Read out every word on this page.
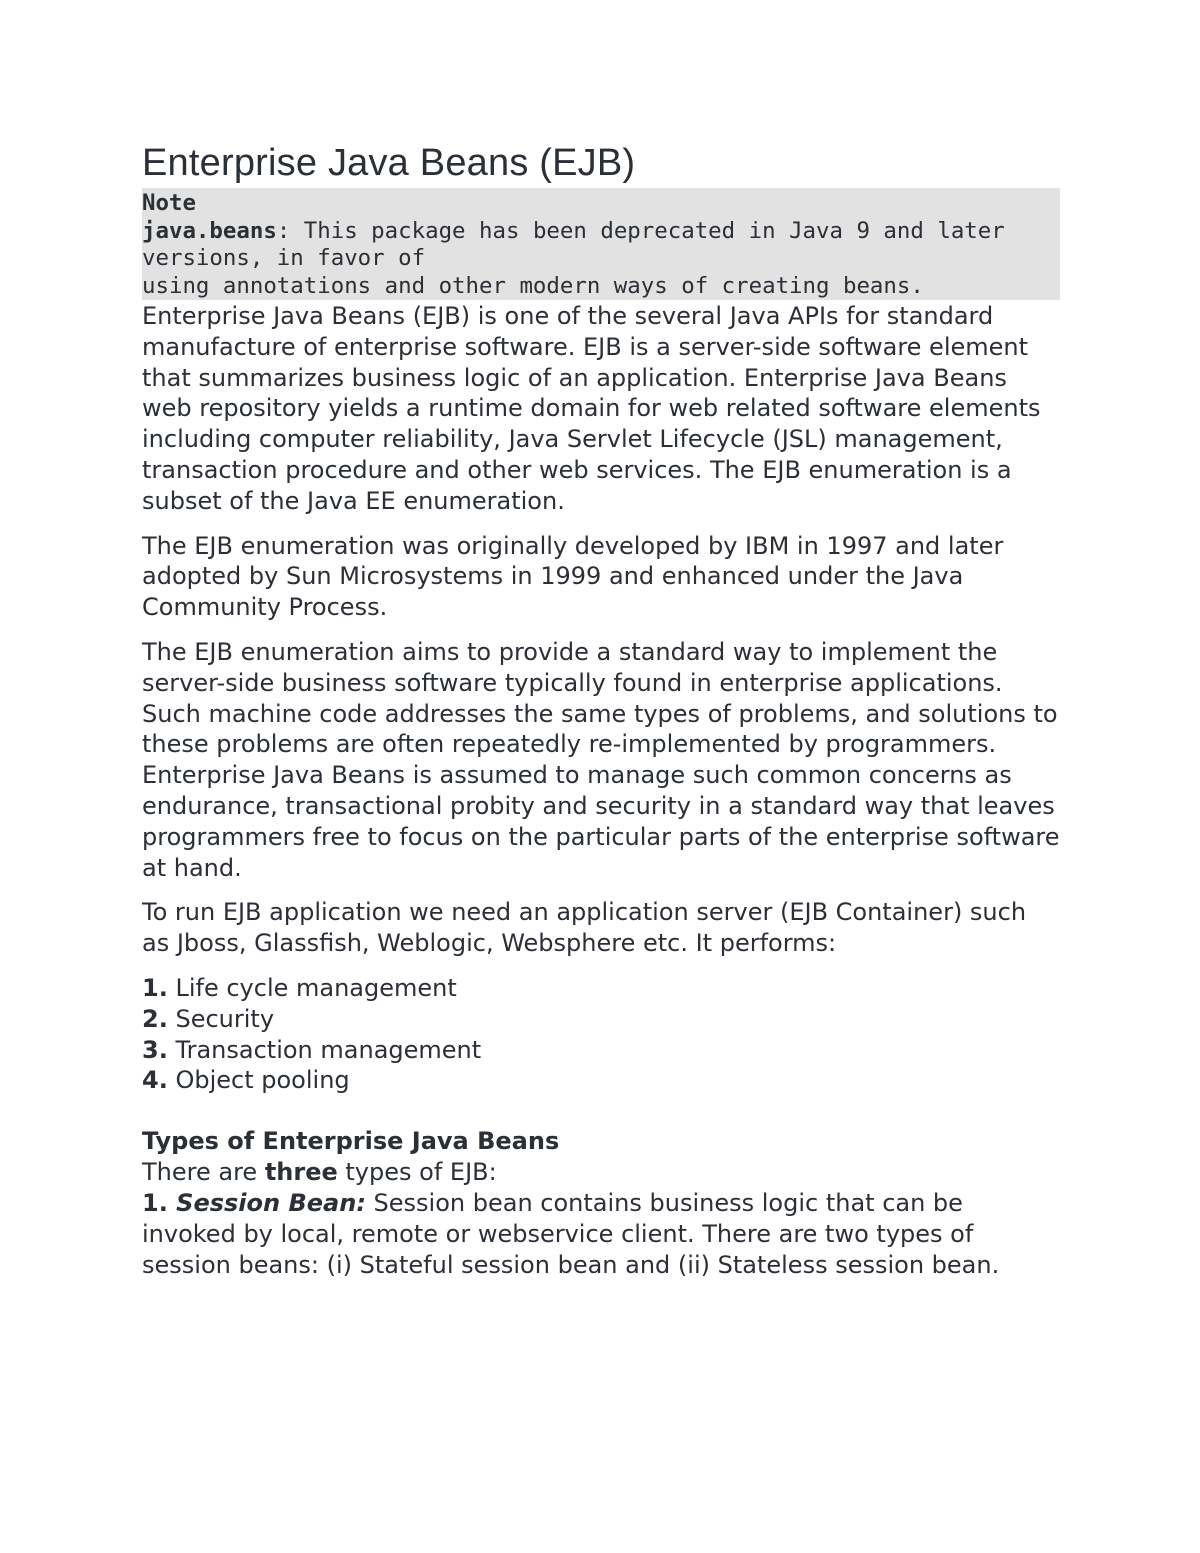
Enterprise Java Beans (EJB)
Note
java.beans: This package has been deprecated in Java 9 and later versions, in favor of
using annotations and other modern ways of creating beans.

Enterprise Java Beans (EJB) is one of the several Java APIs for standard manufacture of enterprise software. EJB is a server-side software element that summarizes business logic of an application. Enterprise Java Beans web repository yields a runtime domain for web related software elements including computer reliability, Java Servlet Lifecycle (JSL) management, transaction procedure and other web services. The EJB enumeration is a subset of the Java EE enumeration.

The EJB enumeration was originally developed by IBM in 1997 and later adopted by Sun Microsystems in 1999 and enhanced under the Java Community Process.

The EJB enumeration aims to provide a standard way to implement the server-side business software typically found in enterprise applications. Such machine code addresses the same types of problems, and solutions to these problems are often repeatedly re-implemented by programmers. Enterprise Java Beans is assumed to manage such common concerns as endurance, transactional probity and security in a standard way that leaves programmers free to focus on the particular parts of the enterprise software at hand.

To run EJB application we need an application server (EJB Container) such as Jboss, Glassfish, Weblogic, Websphere etc. It performs:

1. Life cycle management
2. Security
3. Transaction management
4. Object pooling
Types of Enterprise Java Beans
There are three types of EJB:
1. Session Bean: Session bean contains business logic that can be invoked by local, remote or webservice client. There are two types of session beans: (i) Stateful session bean and (ii) Stateless session bean.
